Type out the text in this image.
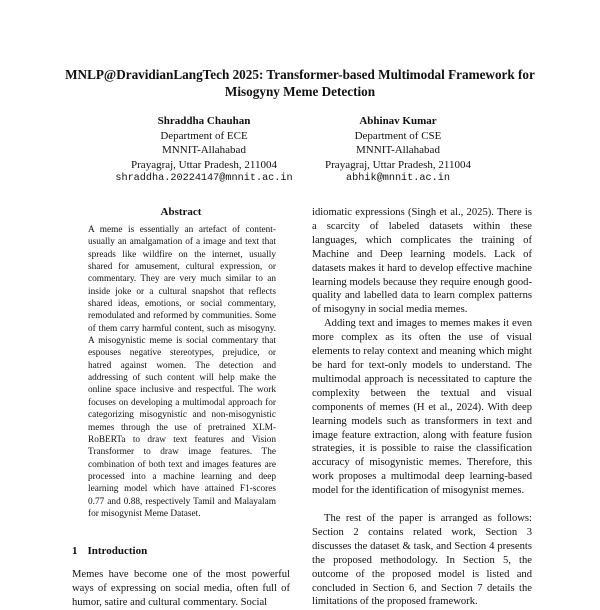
MNLP@DravidianLangTech 2025: Transformer-based Multimodal Framework for Misogyny Meme Detection
Shraddha Chauhan
Department of ECE
MNNIT-Allahabad
Prayagraj, Uttar Pradesh, 211004
shraddha.20224147@mnnit.ac.in
Abhinav Kumar
Department of CSE
MNNIT-Allahabad
Prayagraj, Uttar Pradesh, 211004
abhik@mnnit.ac.in
Abstract

A meme is essentially an artefact of content-usually an amalgamation of a image and text that spreads like wildfire on the internet, usually shared for amusement, cultural expression, or commentary. They are very much similar to an inside joke or a cultural snapshot that reflects shared ideas, emotions, or social commentary, remodulated and reformed by communities. Some of them carry harmful content, such as misogyny. A misogynistic meme is social commentary that espouses negative stereotypes, prejudice, or hatred against women. The detection and addressing of such content will help make the online space inclusive and respectful. The work focuses on developing a multimodal approach for categorizing misogynistic and non-misogynistic memes through the use of pretrained XLM-RoBERTa to draw text features and Vision Transformer to draw image features. The combination of both text and images features are processed into a machine learning and deep learning model which have attained F1-scores 0.77 and 0.88, respectively Tamil and Malayalam for misogynist Meme Dataset.

1 Introduction
Memes have become one of the most powerful ways of expressing on social media, often full of humor, satire and cultural commentary. Social

idiomatic expressions (Singh et al., 2025). There is a scarcity of labeled datasets within these languages, which complicates the training of Machine and Deep learning models. Lack of datasets makes it hard to develop effective machine learning models because they require enough good-quality and labelled data to learn complex patterns of misogyny in social media memes.

Adding text and images to memes makes it even more complex as its often the use of visual elements to relay context and meaning which might be hard for text-only models to understand. The multimodal approach is necessitated to capture the complexity between the textual and visual components of memes (H et al., 2024). With deep learning models such as transformers in text and image feature extraction, along with feature fusion strategies, it is possible to raise the classification accuracy of misogynistic memes. Therefore, this work proposes a multimodal deep learning-based model for the identification of misogynist memes.

The rest of the paper is arranged as follows: Section 2 contains related work, Section 3 discusses the dataset & task, and Section 4 presents the proposed methodology. In Section 5, the outcome of the proposed model is listed and concluded in Section 6, and Section 7 details the limitations of the proposed framework.
